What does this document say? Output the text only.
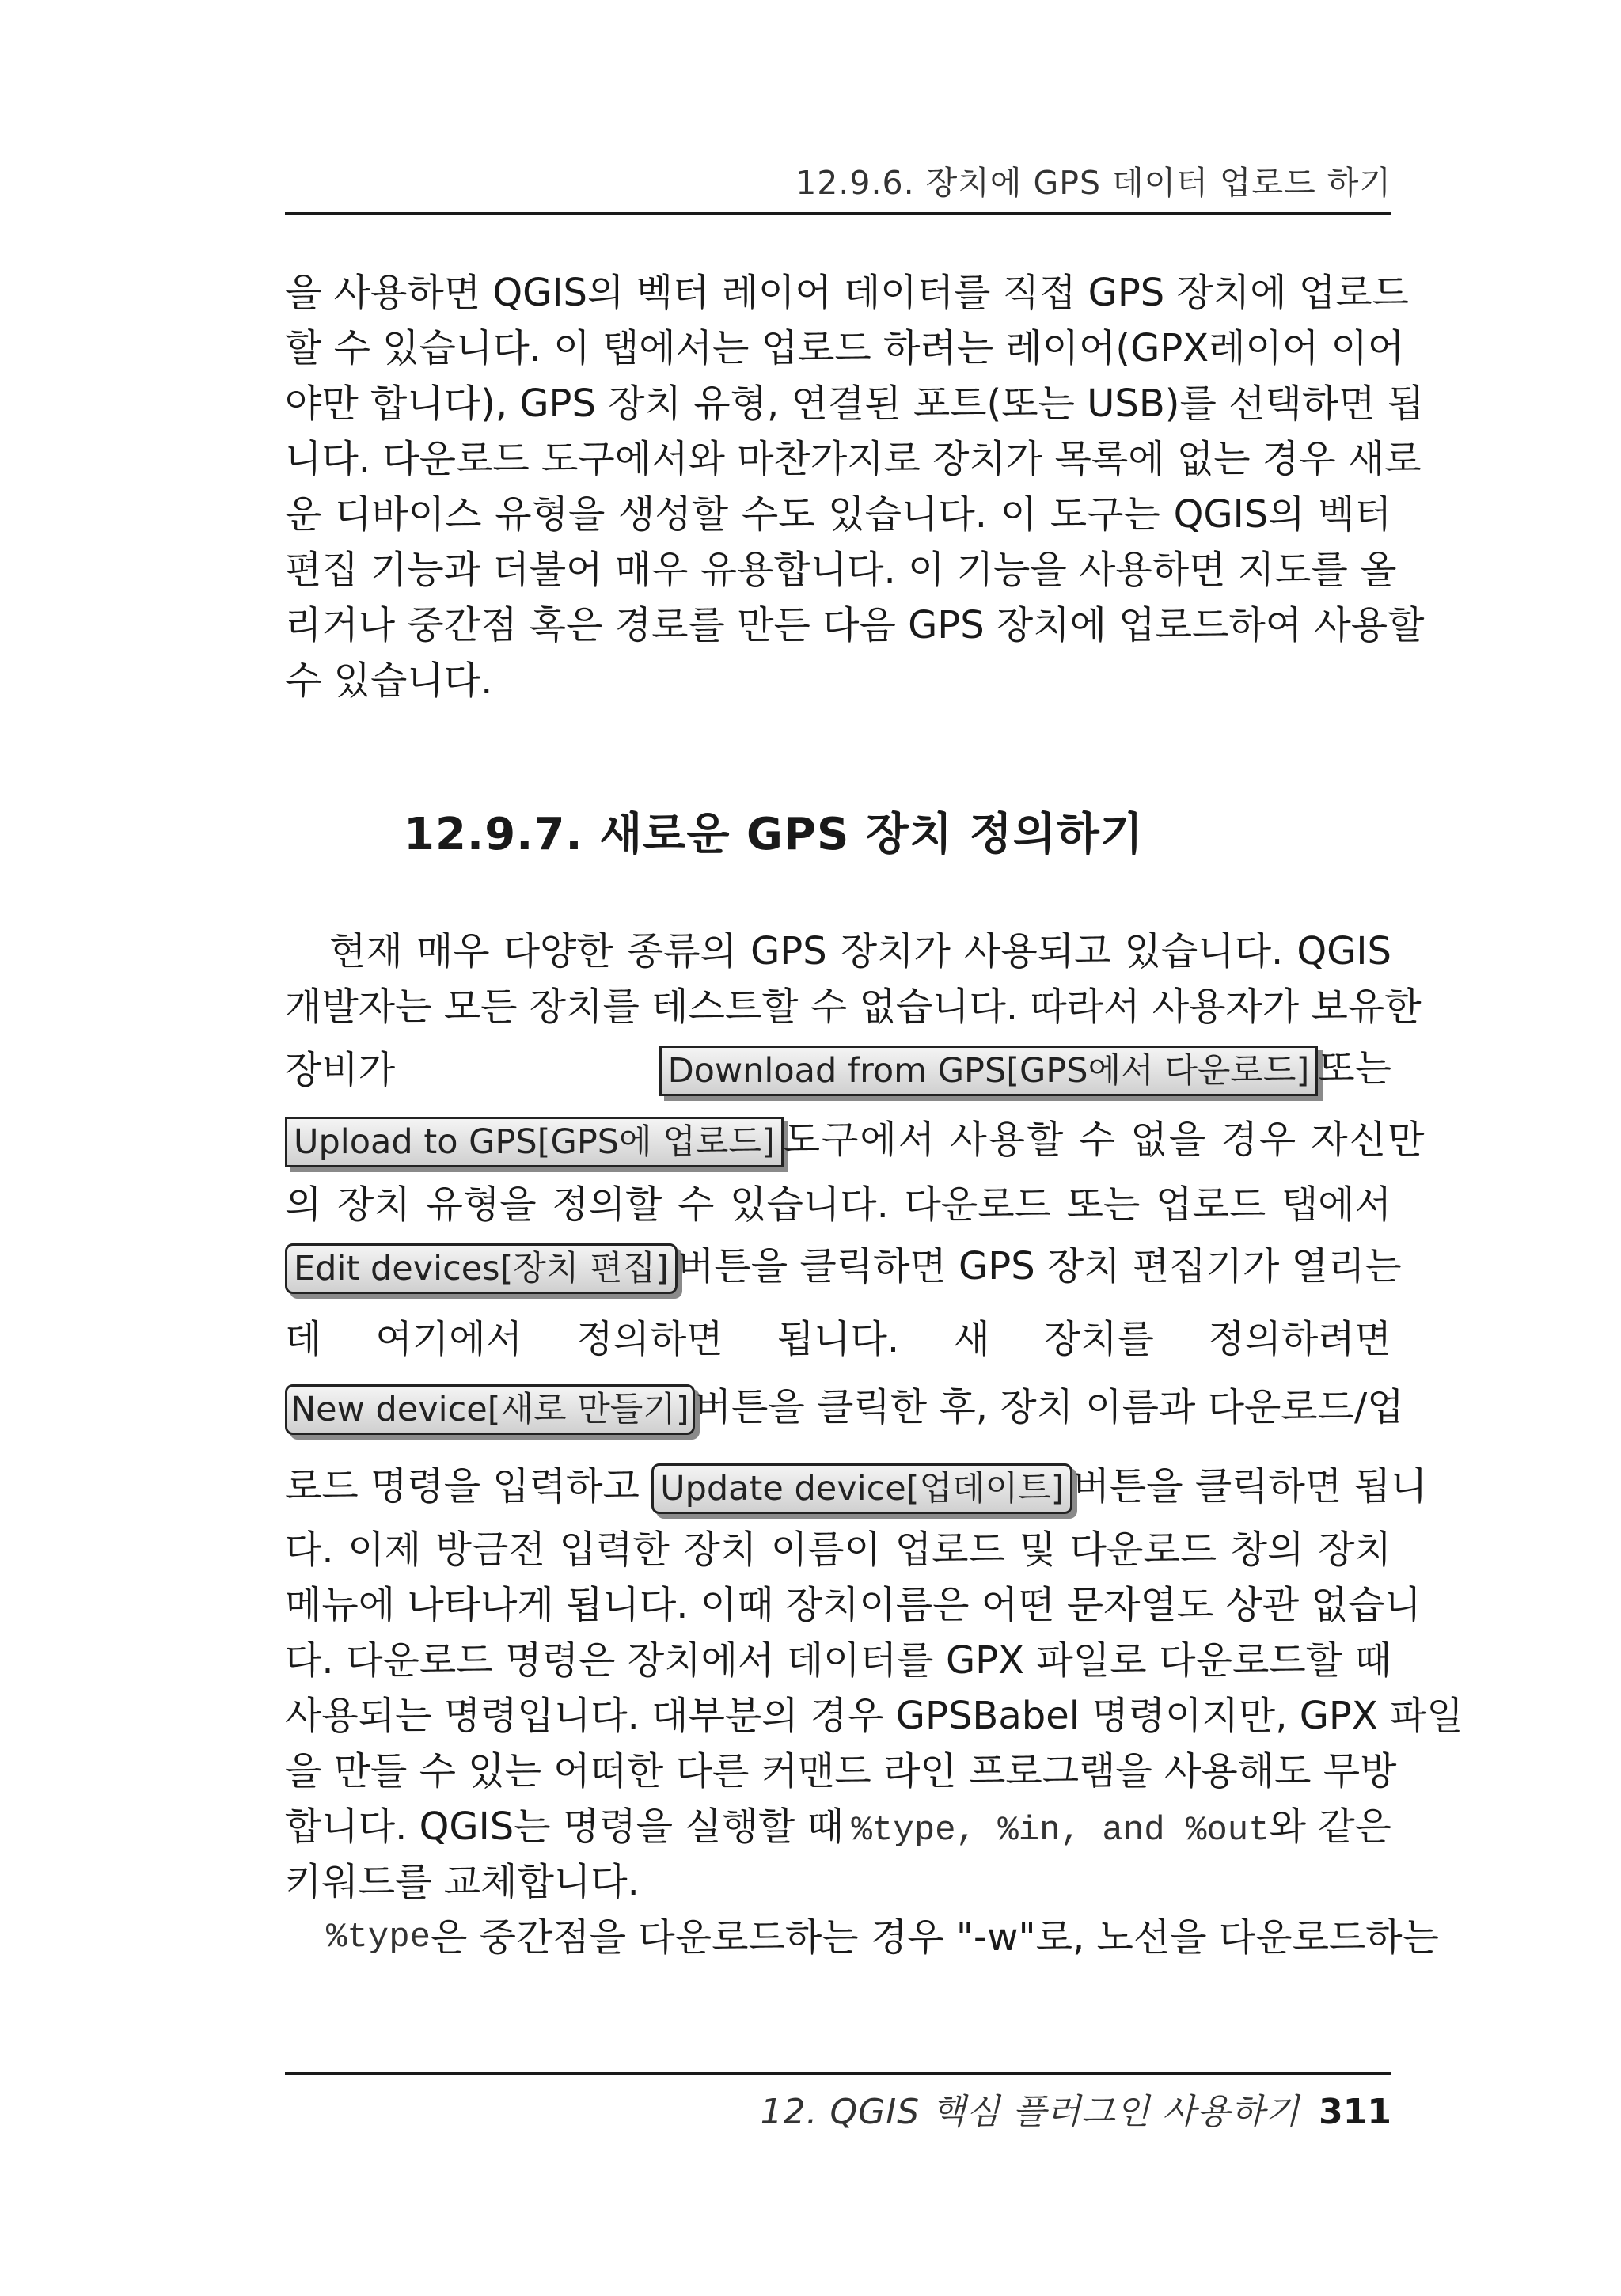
12.9.6. 장치에 GPS 데이터 업로드 하기
을 사용하면 QGIS의 벡터 레이어 데이터를 직접 GPS 장치에 업로드
할 수 있습니다. 이 탭에서는 업로드 하려는 레이어(GPX레이어 이어
야만 합니다), GPS 장치 유형, 연결된 포트(또는 USB)를 선택하면 됩
니다. 다운로드 도구에서와 마찬가지로 장치가 목록에 없는 경우 새로
운 디바이스 유형을 생성할 수도 있습니다. 이 도구는 QGIS의 벡터
편집 기능과 더불어 매우 유용합니다. 이 기능을 사용하면 지도를 올
리거나 중간점 혹은 경로를 만든 다음 GPS 장치에 업로드하여 사용할
수 있습니다.
12.9.7. 새로운 GPS 장치 정의하기
현재 매우 다양한 종류의 GPS 장치가 사용되고 있습니다. QGIS
개발자는 모든 장치를 테스트할 수 없습니다. 따라서 사용자가 보유한
장비가	Download from GPS[GPS에서 다운로드] 또는
Upload to GPS[GPS에 업로드] 도구에서 사용할 수 없을 경우 자신만
의 장치 유형을 정의할 수 있습니다. 다운로드 또는 업로드 탭에서
Edit devices[장치 편집] 버튼을 클릭하면 GPS 장치 편집기가 열리는
데 여기에서 정의하면 됩니다. 새 장치를 정의하려면
New device[새로 만들기] 버튼을 클릭한 후, 장치 이름과 다운로드/업
로드 명령을 입력하고 Update device[업데이트] 버튼을 클릭하면 됩니
다. 이제 방금전 입력한 장치 이름이 업로드 및 다운로드 창의 장치
메뉴에 나타나게 됩니다. 이때 장치이름은 어떤 문자열도 상관 없습니
다. 다운로드 명령은 장치에서 데이터를 GPX 파일로 다운로드할 때
사용되는 명령입니다. 대부분의 경우 GPSBabel 명령이지만, GPX 파일
을 만들 수 있는 어떠한 다른 커맨드 라인 프로그램을 사용해도 무방
합니다. QGIS는 명령을 실행할 때 %type, %in, and %out와 같은
키워드를 교체합니다.
%type 은 중간점을 다운로드하는 경우 "-w"로, 노선을 다운로드하는
12. QGIS 핵심 플러그인 사용하기 311
